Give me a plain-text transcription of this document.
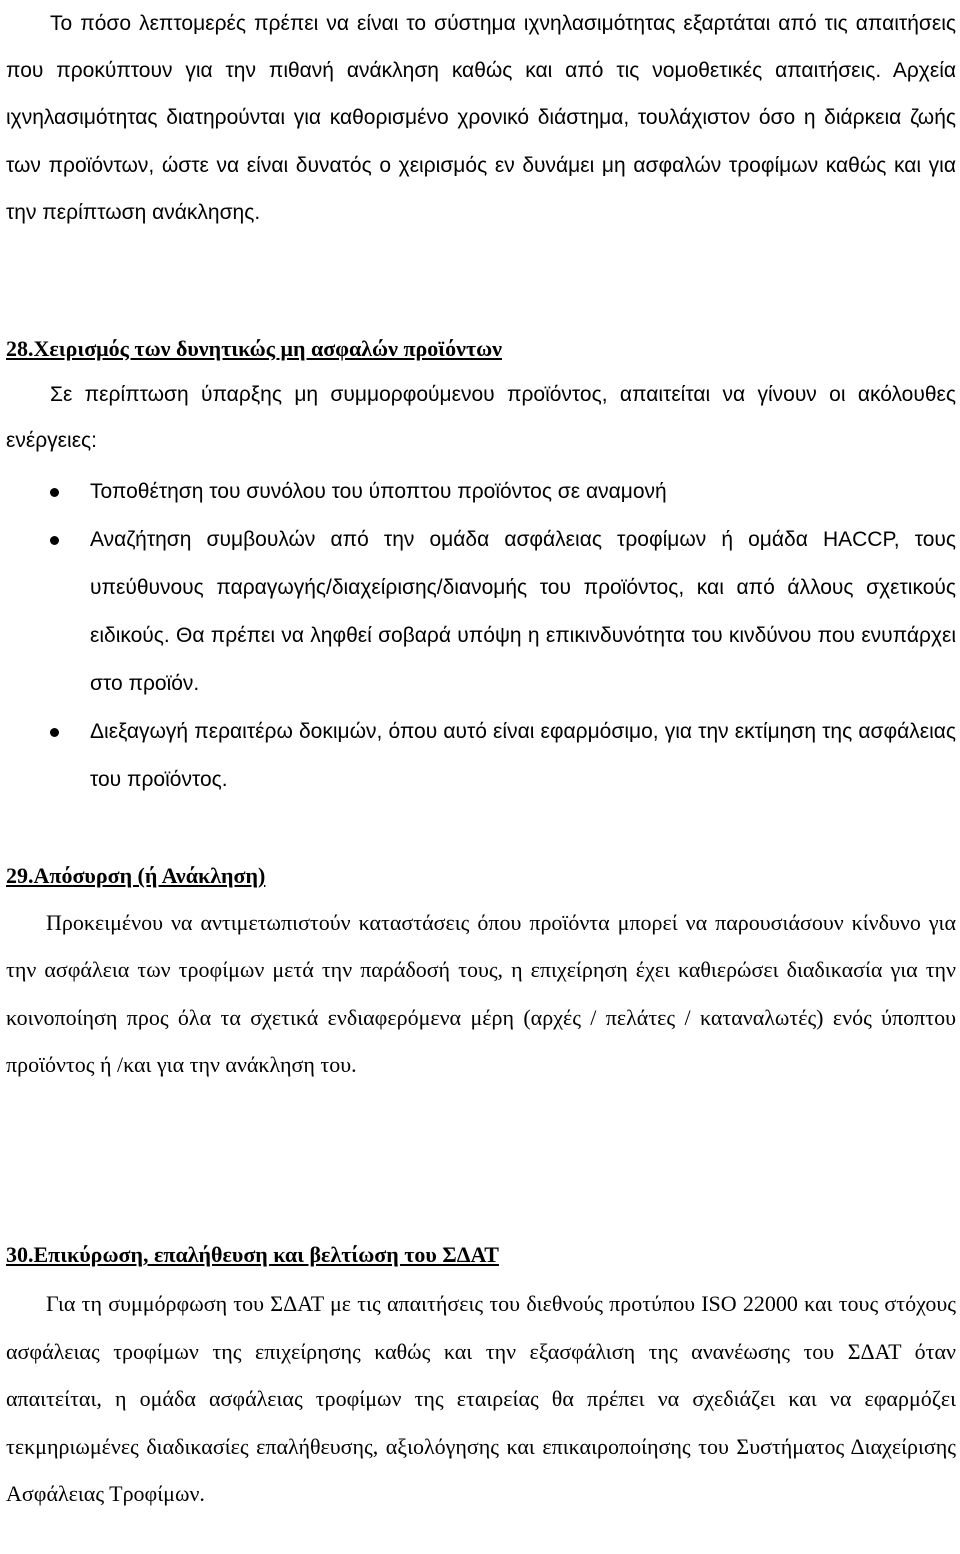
Το πόσο λεπτομερές πρέπει να είναι το σύστημα ιχνηλασιμότητας εξαρτάται από τις απαιτήσεις που προκύπτουν για την πιθανή ανάκληση καθώς και από τις νομοθετικές απαιτήσεις. Αρχεία ιχνηλασιμότητας διατηρούνται για καθορισμένο χρονικό διάστημα, τουλάχιστον όσο η διάρκεια ζωής των προϊόντων, ώστε να είναι δυνατός ο χειρισμός εν δυνάμει μη ασφαλών τροφίμων καθώς και για την περίπτωση ανάκλησης.

28.Χειρισμός των δυνητικώς μη ασφαλών προϊόντων

Σε περίπτωση ύπαρξης μη συμμορφούμενου προϊόντος, απαιτείται να γίνουν οι ακόλουθες ενέργειες:

Τοποθέτηση του συνόλου του ύποπτου προϊόντος σε αναμονή
Αναζήτηση συμβουλών από την ομάδα ασφάλειας τροφίμων ή ομάδα HACCP, τους υπεύθυνους παραγωγής/διαχείρισης/διανομής του προϊόντος, και από άλλους σχετικούς ειδικούς. Θα πρέπει να ληφθεί σοβαρά υπόψη η επικινδυνότητα του κινδύνου που ενυπάρχει στο προϊόν.
Διεξαγωγή περαιτέρω δοκιμών, όπου αυτό είναι εφαρμόσιμο, για την εκτίμηση της ασφάλειας του προϊόντος.
29.Απόσυρση (ή Ανάκληση)

Προκειμένου να αντιμετωπιστούν καταστάσεις όπου προϊόντα μπορεί να παρουσιάσουν κίνδυνο για την ασφάλεια των τροφίμων μετά την παράδοσή τους, η επιχείρηση έχει καθιερώσει διαδικασία για την κοινοποίηση προς όλα τα σχετικά ενδιαφερόμενα μέρη (αρχές / πελάτες / καταναλωτές) ενός ύποπτου προϊόντος ή /και για την ανάκληση του.

30.Επικύρωση, επαλήθευση και βελτίωση του ΣΔΑΤ

Για τη συμμόρφωση του ΣΔΑΤ με τις απαιτήσεις του διεθνούς προτύπου ISO 22000 και τους στόχους ασφάλειας τροφίμων της επιχείρησης καθώς και την εξασφάλιση της ανανέωσης του ΣΔΑΤ όταν απαιτείται, η ομάδα ασφάλειας τροφίμων της εταιρείας θα πρέπει να σχεδιάζει και να εφαρμόζει τεκμηριωμένες διαδικασίες επαλήθευσης, αξιολόγησης και επικαιροποίησης του Συστήματος Διαχείρισης Ασφάλειας Τροφίμων.
